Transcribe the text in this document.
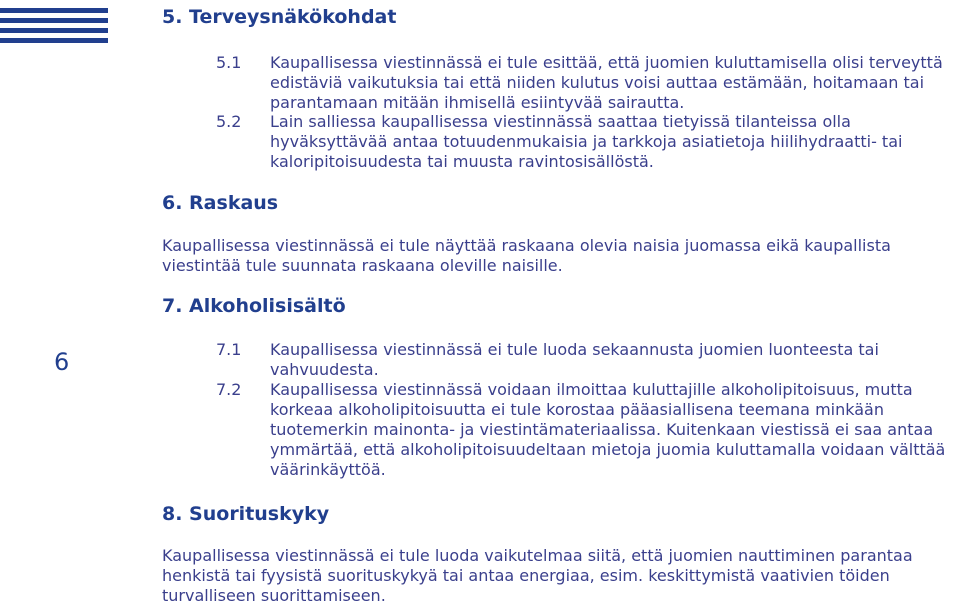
5. Terveysnäkökohdat
5.1 Kaupallisessa viestinnässä ei tule esittää, että juomien kuluttamisella olisi terveyttä edistäviä vaikutuksia tai että niiden kulutus voisi auttaa estämään, hoitamaan tai parantamaan mitään ihmisellä esiintyvää sairautta.
5.2 Lain salliessa kaupallisessa viestinnässä saattaa tietyissä tilanteissa olla hyväksyttävää antaa totuudenmukaisia ja tarkkoja asiatietoja hiilihydraatti- tai kaloripitoisuudesta tai muusta ravintosisällöstä.
6. Raskaus

Kaupallisessa viestinnässä ei tule näyttää raskaana olevia naisia juomassa eikä kaupallista viestintää tule suunnata raskaana oleville naisille.

7. Alkoholisisältö
6	7.1 Kaupallisessa viestinnässä ei tule luoda sekaannusta juomien luonteesta tai vahvuudesta.
7.2 Kaupallisessa viestinnässä voidaan ilmoittaa kuluttajille alkoholipitoisuus, mutta korkeaa alkoholipitoisuutta ei tule korostaa pääasiallisena teemana minkään tuotemerkin mainonta- ja viestintämateriaalissa. Kuitenkaan viestissä ei saa antaa ymmärtää, että alkoholipitoisuudeltaan mietoja juomia kuluttamalla voidaan välttää väärinkäyttöä.
8. Suorituskyky

Kaupallisessa viestinnässä ei tule luoda vaikutelmaa siitä, että juomien nauttiminen parantaa henkistä tai fyysistä suorituskykyä tai antaa energiaa, esim. keskittymistä vaativien töiden turvalliseen suorittamiseen.
